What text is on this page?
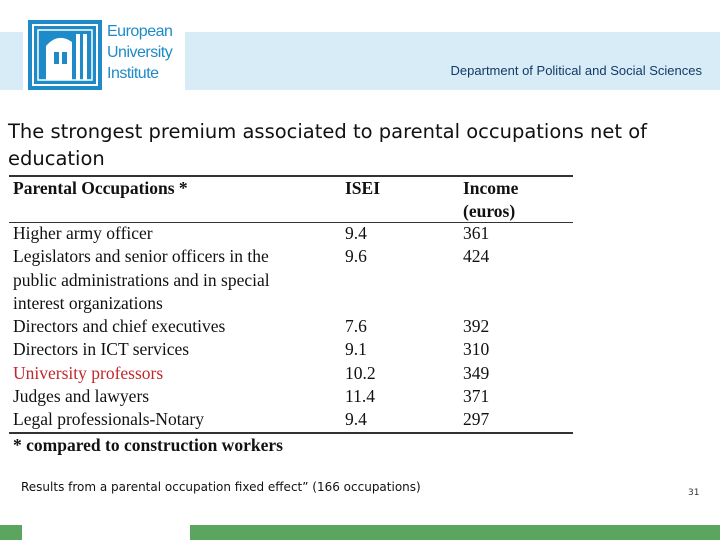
European
University
Institute	Department of Political and Social Sciences
The strongest premium associated to parental occupations net of education
Parental Occupations *	ISEI	Income
(euros)
Higher army officer	9.4	361
Legislators and senior officers in the
public administrations and in special
interest organizations
9.6	424
Directors and chief executives	7.6	392
Directors in ICT services	9.1	310
University professors	10.2	349
Judges and lawyers	11.4	371
Legal professionals-Notary	9.4	297
* compared to construction workers
Results from a parental occupation fixed effect” (166 occupations)	31
